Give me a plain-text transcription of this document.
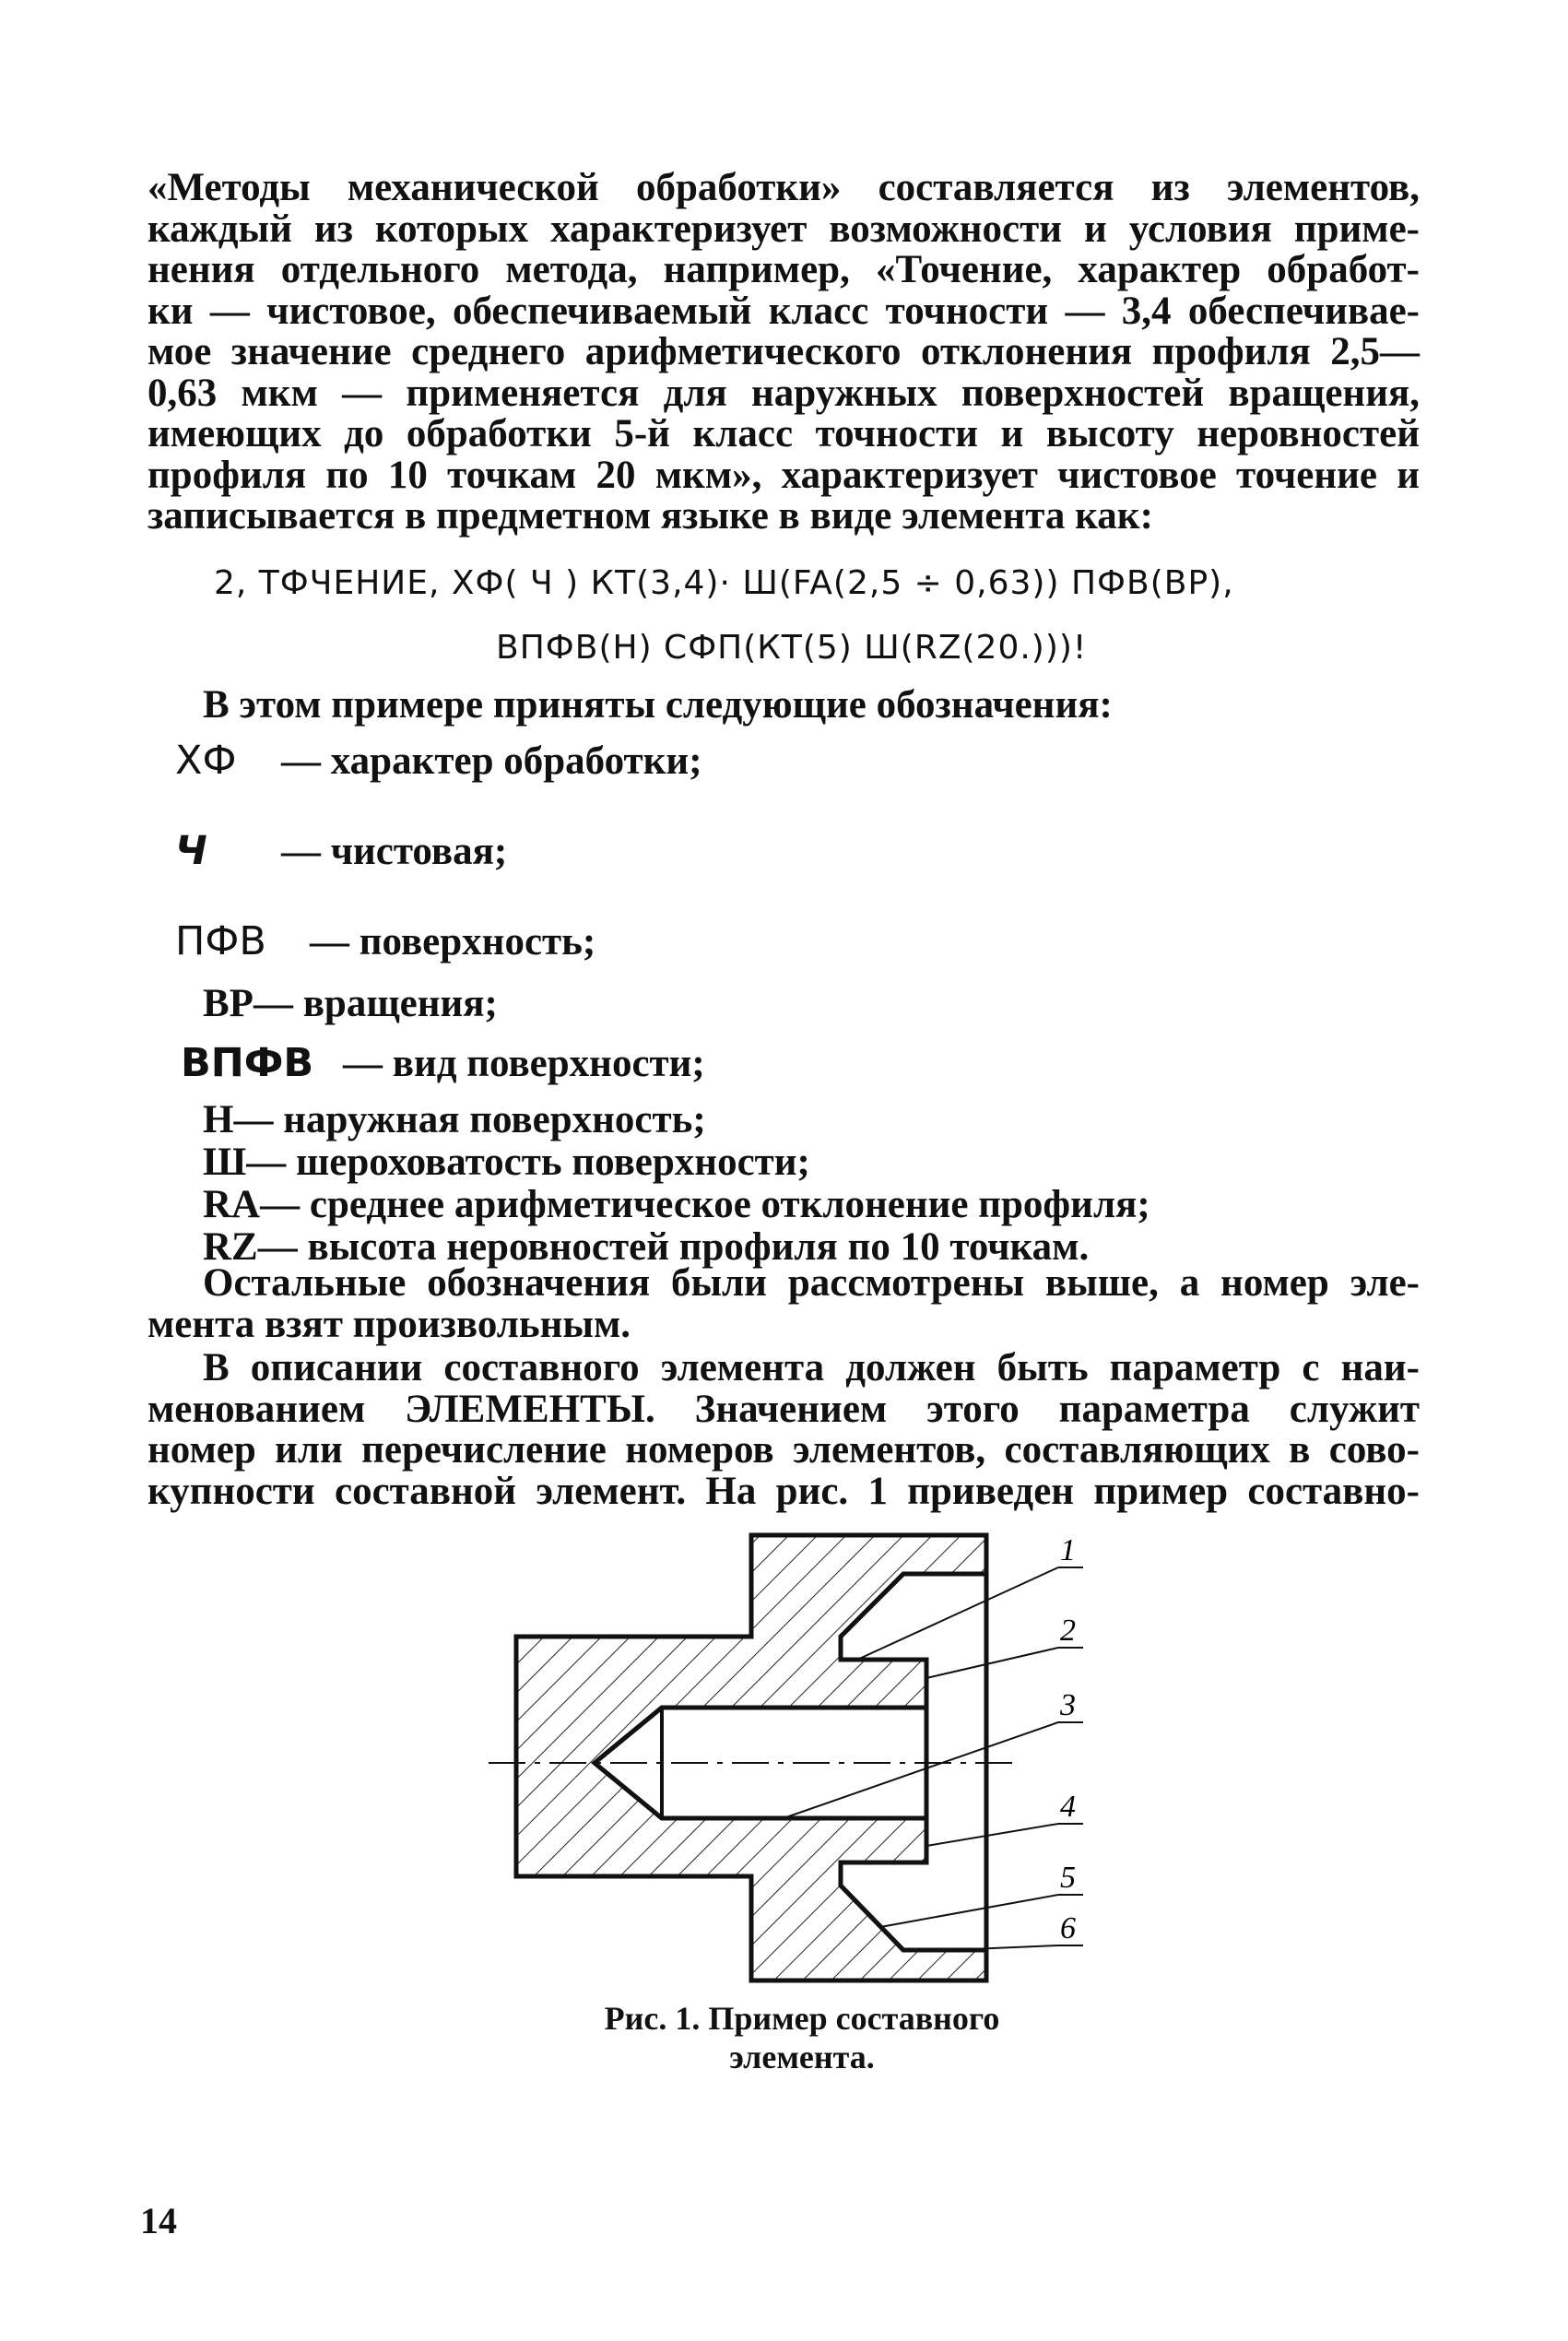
«Методы механической обработки» составляется из элементов,
каждый из которых характеризует возможности и условия приме-
нения отдельного метода, например, «Точение, характер обработ-
ки — чистовое, обеспечиваемый класс точности — 3,4 обеспечивае-
мое значение среднего арифметического отклонения профиля 2,5—
0,63 мкм — применяется для наружных поверхностей вращения,
имеющих до обработки 5-й класс точности и высоту неровностей
профиля по 10 точкам 20 мкм», характеризует чистовое точение и
записывается в предметном языке в виде элемента как:
2, ТФЧЕНИЕ, ХФ( Ч ) КТ(3,4)· Ш(FA(2,5 ÷ 0,63)) ПФВ(ВР),
ВПФВ(Н) СФП(КТ(5) Ш(RZ(20.)))!
В этом примере приняты следующие обозначения:
ХФ — характер обработки;
Ч — чистовая;
ПФВ — поверхность;
ВР— вращения;
ВПФВ — вид поверхности;
Н— наружная поверхность;
Ш— шероховатость поверхности;
RA— среднее арифметическое отклонение профиля;
RZ— высота неровностей профиля по 10 точкам.
Остальные обозначения были рассмотрены выше, а номер эле-
мента взят произвольным.
В описании составного элемента должен быть параметр с наи-
менованием ЭЛЕМЕНТЫ. Значением этого параметра служит
номер или перечисление номеров элементов, составляющих в сово-
купности составной элемент. На рис. 1 приведен пример составно-
1
2
3
4
5
6
Рис. 1. Пример составного
элемента.
14
